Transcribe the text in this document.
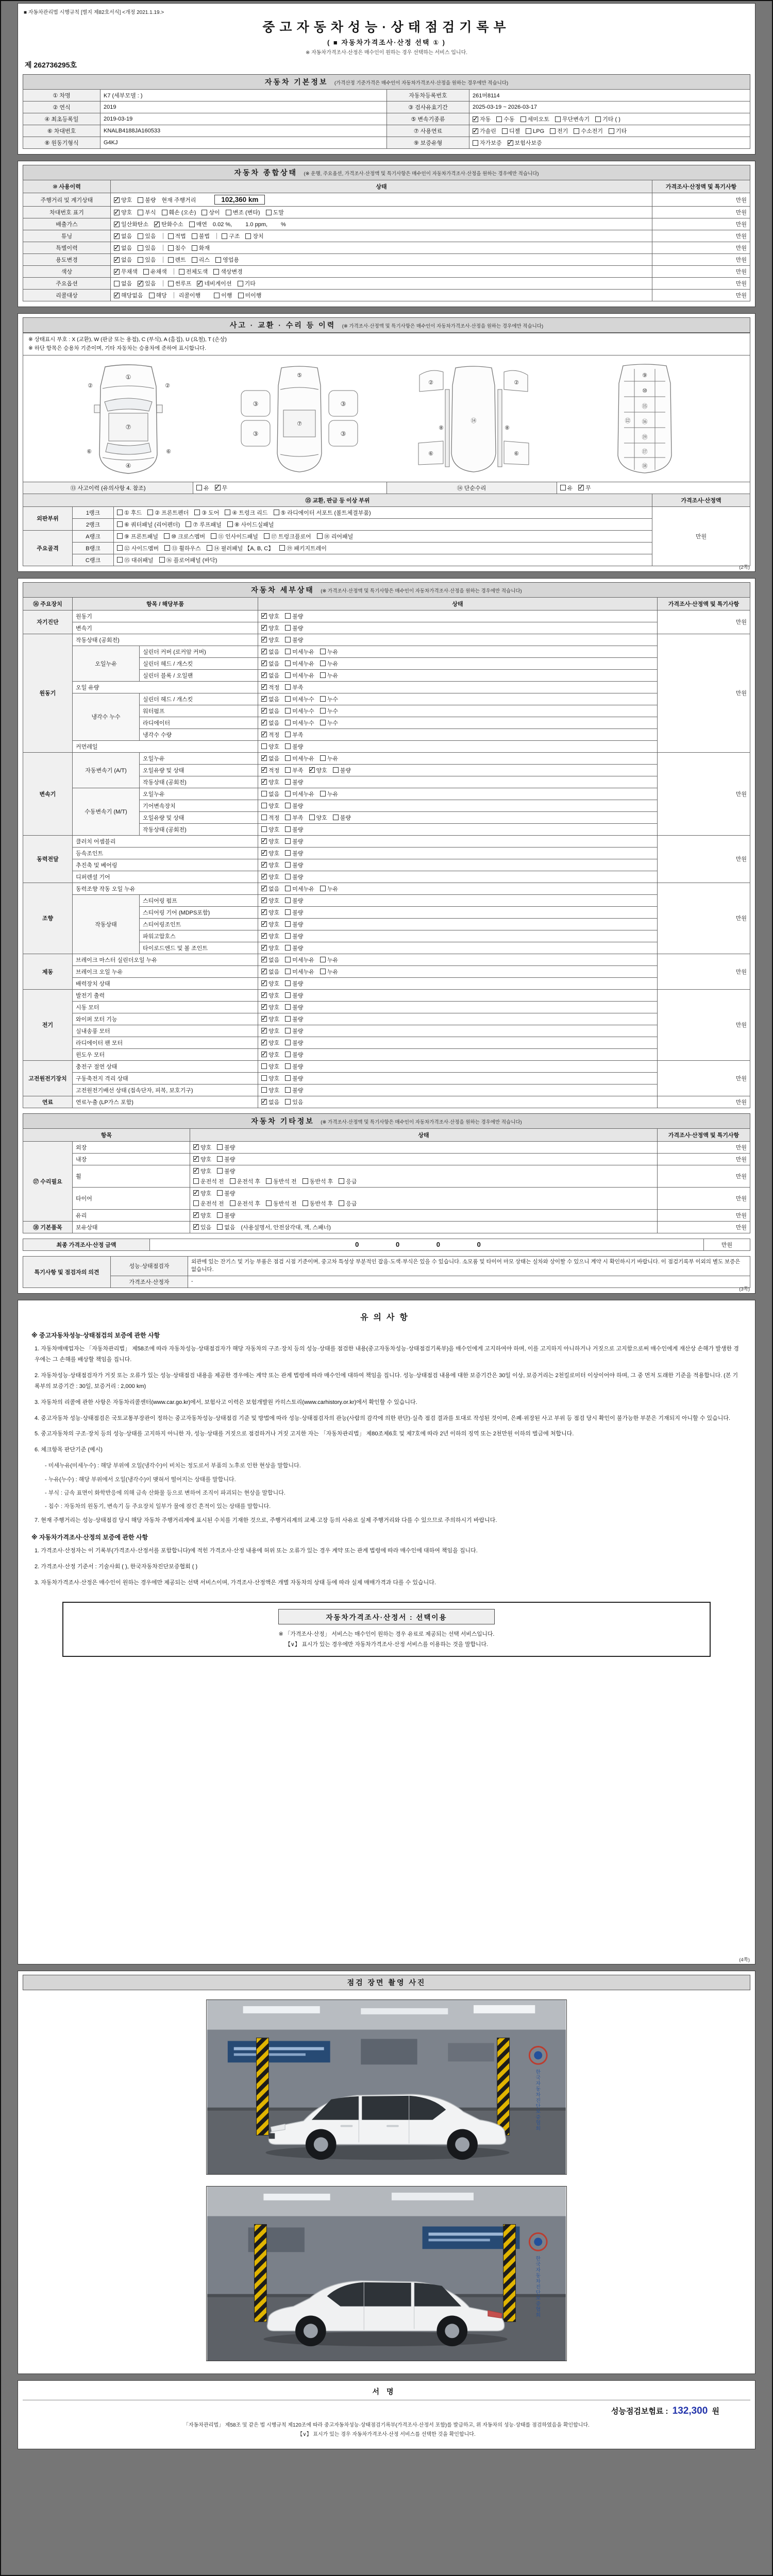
■ 자동차관리법 시행규칙 [별지 제82호서식] <개정 2021.1.19.>
중고자동차성능·상태점검기록부
( ■ 자동차가격조사·산정 선택 ① )
※ 자동차가격조사·산정은 매수인이 원하는 경우 선택하는 서비스 입니다.
제 262736295호
자동차 기본정보 (가격산정 기준가격은 매수인이 자동차가격조사·산정을 원하는 경우에만 적습니다)
① 차명	K7 (세부모델 : )	자동차등록번호	261머8114
② 연식	2019	③ 검사유효기간	2025-03-19 ~ 2026-03-17
④ 최초등록일	2019-03-19	⑤ 변속기종류	✓자동 수동 세미오토 무단변속기 기타 ( )
⑥ 차대번호	KNALB4188JA160533	⑦ 사용연료	✓가솔린 디젤 LPG 전기 수소전기 기타
⑧ 원동기형식	G4KJ	⑨ 보증유형	자가보증 ✓ 보험사보증
자동차 종합상태 (※ 운행, 주요옵션, 가격조사·산정액 및 특기사항은 매수인이 자동차가격조사·산정을 원하는 경우에만 적습니다)
⑩ 사용이력	상태	가격조사·산정액 및 특기사항
주행거리 및 계기상태	✓양호 불량 현재 주행거리 102,360 km	만원
차대번호 표기	✓양호 부식 훼손 (오손) 상이 변조 (변타) 도말	만원
배출가스	✓일산화탄소 ✓ 탄화수소 매연 0.02 %, 1.0 ppm, %	만원
튜닝	✓없음 있음 적법 불법 구조 장치	만원
특별이력	✓없음 있음 침수 화재	만원
용도변경	✓없음 있음 렌트 리스 영업용	만원
색상	✓무채색 유채색 전체도색 색상변경	만원
주요옵션	없음 ✓ 있음 썬루프 ✓ 네비게이션 기타	만원
리콜대상	✓해당없음 해당 리콜이행 이행 미이행	만원
사고 · 교환 · 수리 등 이력 (※ 가격조사·산정액 및 특기사항은 매수인이 자동차가격조사·산정을 원하는 경우에만 적습니다)
※ 상태표시 부호 : X (교환), W (판금 또는 용접), C (부식), A (흠집), U (요철), T (손상)
※ 하단 항목은 승용차 기준이며, 기타 자동차는 승용차에 준하여 표시합니다.
①
⑦
④
②	②
⑥	⑥
⑤
⑦
③
③
③
③
②	②
⑥	⑥
⑧	⑧
⑭
⑨
⑩
⑫
⑮
⑯
⑲
⑰
⑱
⑬ 사고이력 (유의사항 4. 참조)	유 ✓ 무	⑭ 단순수리	유 ✓ 무
⑮ 교환, 판금 등 이상 부위			가격조사·산정액
외판부위	1랭크	① 후드 ② 프론트펜더 ③ 도어 ④ 트렁크 리드 ⑤ 라디에이터 서포트 (볼트체결부품)	만원
	2랭크	⑥ 쿼터패널 (리어펜더) ⑦ 루프패널 ⑧ 사이드실패널	
주요골격	A랭크	⑨ 프론트패널 ⑩ 크로스멤버 ⑪ 인사이드패널 ⑰ 트렁크플로어 ⑱ 리어패널	
	B랭크	⑫ 사이드멤버 ⑬ 휠하우스 ⑭ 필러패널 【A, B, C】 ⑲ 패키지트레이	
	C랭크	⑮ 대쉬패널 ⑯ 플로어패널 (바닥)	
(2쪽)
자동차 세부상태 (※ 가격조사·산정액 및 특기사항은 매수인이 자동차가격조사·산정을 원하는 경우에만 적습니다)
⑯ 주요장치	항목 / 해당부품		상태	가격조사·산정액 및 특기사항
자기진단	원동기	✓양호 불량	만원
	변속기	✓양호 불량
원동기	작동상태 (공회전)	✓양호 불량	만원
	오일누유	실린더 커버 (로커암 커버)	✓없음 미세누유 누유
		실린더 헤드 / 개스킷	✓없음 미세누유 누유
		실린더 블록 / 오일팬	✓없음 미세누유 누유
	오일 유량	✓적정 부족
	냉각수 누수	실린더 헤드 / 개스킷	✓없음 미세누수 누수
		워터펌프	✓없음 미세누수 누수
		라디에이터	✓없음 미세누수 누수
		냉각수 수량	✓적정 부족
	커먼레일		양호 불량	
변속기	자동변속기 (A/T)	오일누유	✓없음 미세누유 누유	만원
		오일유량 및 상태	✓적정 부족 ✓ 양호 불량
		작동상태 (공회전)	✓양호 불량
	수동변속기 (M/T)	오일누유	없음 미세누유 누유	
		기어변속장치	양호 불량	
		오일유량 및 상태	적정 부족 양호 불량	
		작동상태 (공회전)	양호 불량	
동력전달	클러치 어셈블리	✓양호 불량	만원
	등속조인트	✓양호 불량
	추진축 및 베어링	✓양호 불량
	디퍼렌셜 기어	✓양호 불량
조향	동력조향 작동 오일 누유	✓없음 미세누유 누유	만원
	작동상태	스티어링 펌프	✓양호 불량
		스티어링 기어 (MDPS포함)	✓양호 불량
		스티어링조인트	✓양호 불량
		파워고압호스	✓양호 불량
		타이로드엔드 및 볼 조인트	✓양호 불량
제동	브레이크 마스터 실린더오일 누유	✓없음 미세누유 누유	만원
	브레이크 오일 누유	✓없음 미세누유 누유
	배력장치 상태	✓양호 불량
전기	발전기 출력	✓양호 불량	만원
	시동 모터	✓양호 불량
	와이퍼 모터 기능	✓양호 불량
	실내송풍 모터	✓양호 불량
	라디에이터 팬 모터	✓양호 불량
	윈도우 모터	✓양호 불량
고전원전기장치	충전구 절연 상태		양호 불량	만원
	구동축전지 격리 상태		양호 불량	
	고전원전기배선 상태 (접속단자, 피복, 보호기구)		양호 불량	
연료	연료누출 (LP가스 포함)	✓없음 있음	만원
자동차 기타정보 (※ 가격조사·산정액 및 특기사항은 매수인이 자동차가격조사·산정을 원하는 경우에만 적습니다)
항목		상태	가격조사·산정액 및 특기사항
⑰ 수리필요	외장	✓양호 불량	만원
	내장	✓양호 불량	만원
	휠	✓양호 불량
운전석 전 운전석 후 동반석 전 동반석 후 응급	만원
	타이어	✓양호 불량
운전석 전 운전석 후 동반석 전 동반석 후 응급	만원
	유리	✓양호 불량	만원
⑱ 기본품목	보유상태	✓있음 없음 (사용설명서, 안전삼각대, 잭, 스패너)	만원
최종 가격조사·산정 금액	0 0 0 0	만원
특기사항 및 점검자의 의견	성능·상태점검자	외관에 있는 잔기스 및 기능 부품은 점검 시점 기준이며, 중고차 특성상 부분적인 잡음·도색·부식은 있을 수 있습니다. 소모품 및 타이어 마모 상태는 실차와 상이할 수 있으니 계약 시 확인하시기 바랍니다. 이 점검기록부 이외의 별도 보증은 없습니다.
	가격조사·산정자	-
(3쪽)
유의사항
※ 중고자동차성능·상태점검의 보증에 관한 사항
1. 자동차매매업자는 「자동차관리법」 제58조에 따라 자동차성능·상태점검자가 해당 자동차의 구조·장치 등의 성능·상태를 점검한 내용(중고자동차성능·상태점검기록부)을 매수인에게 고지하여야 하며, 이를 고지하지 아니하거나 거짓으로 고지함으로써 매수인에게 재산상 손해가 발생한 경우에는 그 손해를 배상할 책임을 집니다.
2. 자동차성능·상태점검자가 거짓 또는 오류가 있는 성능·상태점검 내용을 제공한 경우에는 계약 또는 관계 법령에 따라 매수인에 대하여 책임을 집니다. 성능·상태점검 내용에 대한 보증기간은 30일 이상, 보증거리는 2천킬로미터 이상이어야 하며, 그 중 먼저 도래한 기준을 적용합니다. (본 기록부의 보증기간 : 30일, 보증거리 : 2,000 km)
3. 자동차의 리콜에 관한 사항은 자동차리콜센터(www.car.go.kr)에서, 보험사고 이력은 보험개발원 카히스토리(www.carhistory.or.kr)에서 확인할 수 있습니다.
4. 중고자동차 성능·상태점검은 국토교통부장관이 정하는 중고자동차성능·상태점검 기준 및 방법에 따라 성능·상태점검자의 관능(사람의 감각에 의한 판단)·실측 점검 결과를 토대로 작성된 것이며, 은폐·위장된 사고 부위 등 점검 당시 확인이 불가능한 부분은 기재되지 아니할 수 있습니다.
5. 중고자동차의 구조·장치 등의 성능·상태를 고지하지 아니한 자, 성능·상태를 거짓으로 점검하거나 거짓 고지한 자는 「자동차관리법」 제80조제6호 및 제7호에 따라 2년 이하의 징역 또는 2천만원 이하의 벌금에 처합니다.
6. 체크항목 판단기준 (예시)
- 미세누유(미세누수) : 해당 부위에 오일(냉각수)이 비치는 정도로서 부품의 노후로 인한 현상을 말합니다.
- 누유(누수) : 해당 부위에서 오일(냉각수)이 맺혀서 떨어지는 상태를 말합니다.
- 부식 : 금속 표면이 화학반응에 의해 금속 산화물 등으로 변하여 조직이 파괴되는 현상을 말합니다.
- 침수 : 자동차의 원동기, 변속기 등 주요장치 일부가 물에 잠긴 흔적이 있는 상태를 말합니다.
7. 현재 주행거리는 성능·상태점검 당시 해당 자동차 주행거리계에 표시된 수치를 기재한 것으로, 주행거리계의 교체·고장 등의 사유로 실제 주행거리와 다를 수 있으므로 주의하시기 바랍니다.
※ 자동차가격조사·산정의 보증에 관한 사항
1. 가격조사·산정자는 이 기록부(가격조사·산정서를 포함합니다)에 적힌 가격조사·산정 내용에 허위 또는 오류가 있는 경우 계약 또는 관계 법령에 따라 매수인에 대하여 책임을 집니다.
2. 가격조사·산정 기준서 : 기술사회 ( ), 한국자동차진단보증협회 ( )
3. 자동차가격조사·산정은 매수인이 원하는 경우에만 제공되는 선택 서비스이며, 가격조사·산정액은 개별 자동차의 상태 등에 따라 실제 매매가격과 다를 수 있습니다.
자동차가격조사·산정서 : 선택이용
※ 「가격조사·산정」 서비스는 매수인이 원하는 경우 유료로 제공되는 선택 서비스입니다.
【∨】 표시가 있는 경우에만 자동차가격조사·산정 서비스를 이용하는 것을 말합니다.
(4쪽)
점검 장면 촬영 사진
한 국 자 동 차 진 단 보 증 협 회
한 국 자 동 차 진 단 보 증 협 회
서명
성능점검보험료 : 132,300 원
「자동차관리법」 제58조 및 같은 법 시행규칙 제120조에 따라 중고자동차성능·상태점검기록부(가격조사·산정서 포함)를 발급하고, 위 자동차의 성능·상태를 점검하였음을 확인합니다.
【∨】 표시가 있는 경우 자동차가격조사·산정 서비스를 선택한 것을 확인합니다.
